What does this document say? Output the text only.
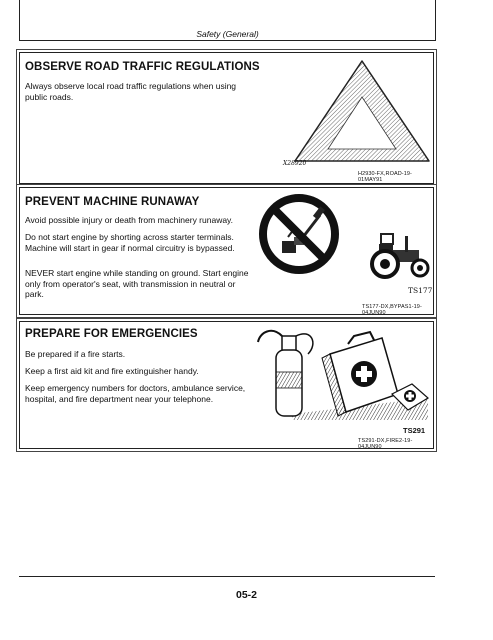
Safety (General)
OBSERVE ROAD TRAFFIC REGULATIONS
Always observe local road traffic regulations when using public roads.
X28920
H2930-FX,ROAD-19-01MAY91
PREVENT MACHINE RUNAWAY
Avoid possible injury or death from machinery runaway.
Do not start engine by shorting across starter terminals. Machine will start in gear if normal circuitry is bypassed.
NEVER start engine while standing on ground. Start engine only from operator's seat, with transmission in neutral or park.	TS177
TS177-DX,BYPAS1-19-04JUN90
PREPARE FOR EMERGENCIES
Be prepared if a fire starts.
Keep a first aid kit and fire extinguisher handy.
Keep emergency numbers for doctors, ambulance service, hospital, and fire department near your telephone.
TS291
TS291-DX,FIRE2-19-04JUN90
05-2
